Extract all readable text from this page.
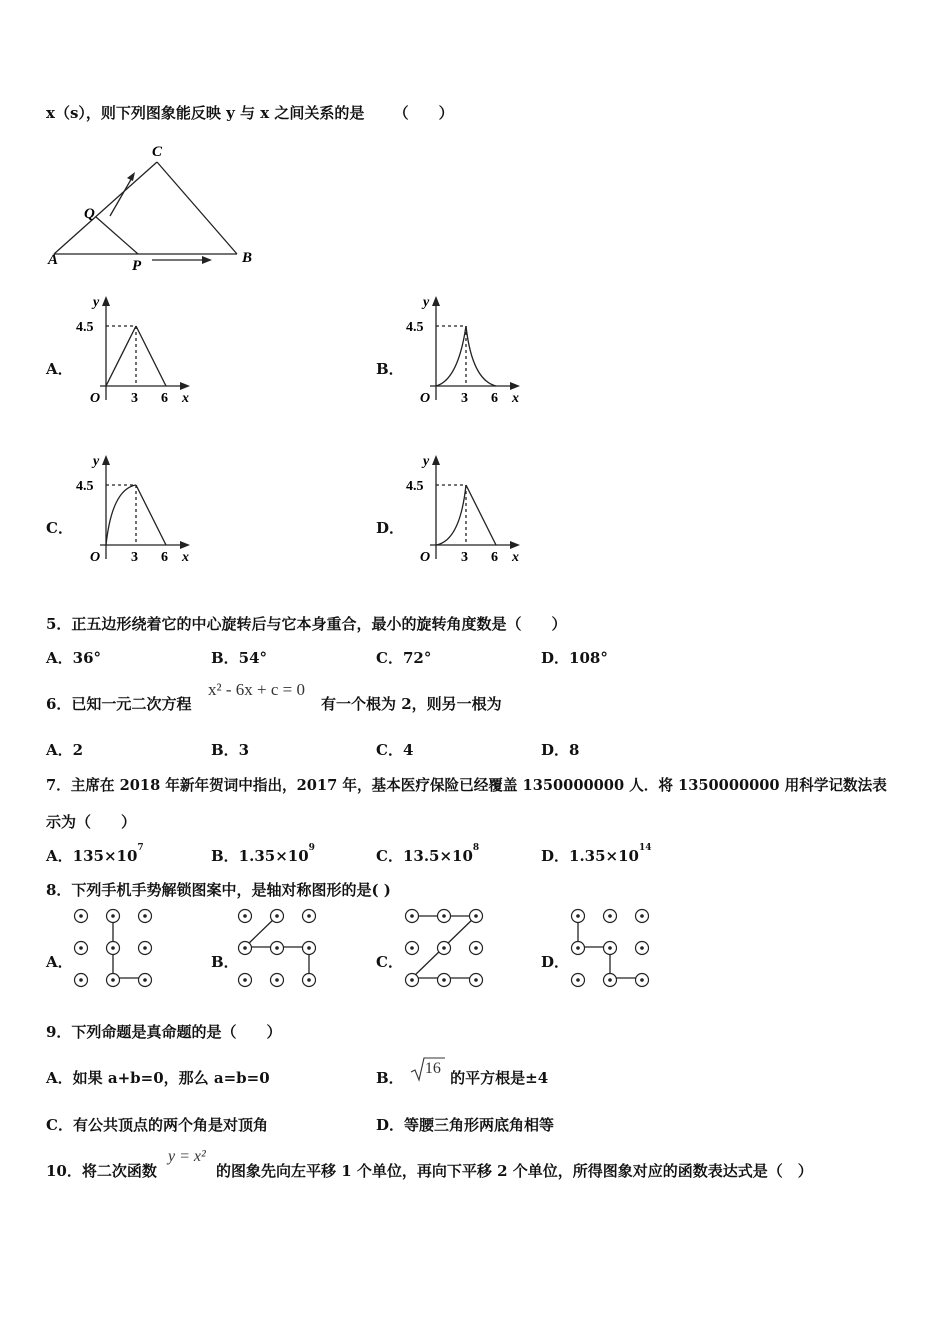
x（s），则下列图象能反映 y 与 x 之间关系的是 （　　）
A	B
C
P
Q
A．	B．
C．	D．
y
4.5
O 3 6 x
y
4.5
O 3 6 x
y
4.5
O 3 6 x
y
4.5
O 3 6 x
5．正五边形绕着它的中心旋转后与它本身重合，最小的旋转角度数是（　　）
A．36°	B．54°	C．72°	D．108°
6．已知一元二次方程
x² - 6x + c = 0
有一个根为 2，则另一根为
A．2	B．3	C．4	D．8
7．主席在 2018 年新年贺词中指出，2017 年，基本医疗保险已经覆盖 1350000000 人．将 1350000000 用科学记数法表
示为（　　）
A．$135\times 10^7$	B．$1.35\times 10^9$	C．$13.5\times 10^8$	D．$1.35\times 10^{14}$
8．下列手机手势解锁图案中，是轴对称图形的是( )
A．	B．	C．	D．
9．下列命题是真命题的是（　　）
A．如果 a+b=0，那么 a=b=0	B．
16
的平方根是±4
C．有公共顶点的两个角是对顶角	D．等腰三角形两底角相等
10．将二次函数
y = x²
的图象先向左平移 1 个单位，再向下平移 2 个单位，所得图象对应的函数表达式是（　）
